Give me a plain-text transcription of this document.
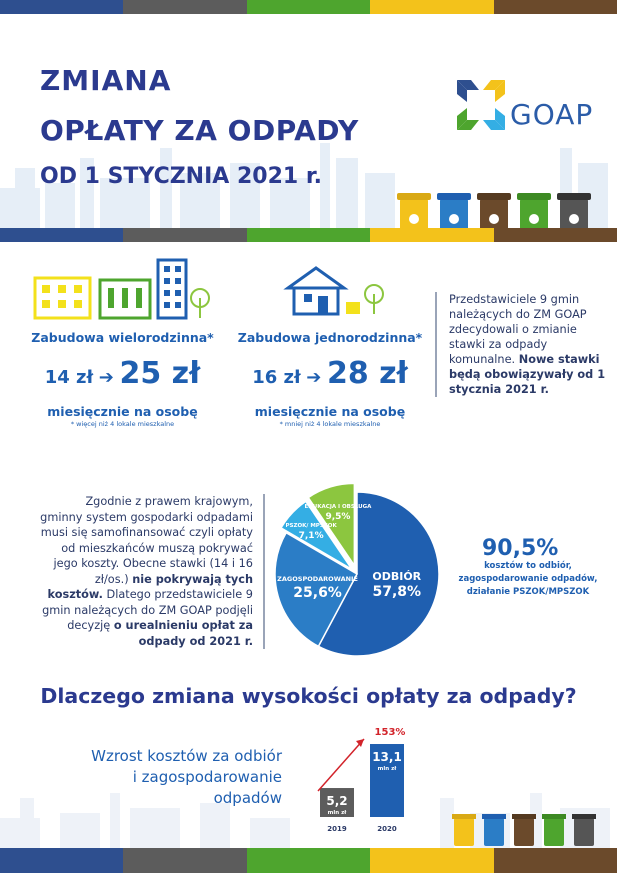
ZMIANA
OPŁATY ZA ODPADY
OD 1 STYCZNIA 2021 r.
GOAP
Zabudowa wielorodzinna*
14 zł ➔ 25 zł
miesięcznie na osobę
* więcej niż 4 lokale mieszkalne
Zabudowa jednorodzinna*
16 zł ➔ 28 zł
miesięcznie na osobę
* mniej niż 4 lokale mieszkalne
Przedstawiciele 9 gmin należących do ZM GOAP zdecydowali o zmianie stawki za odpady komunalne. Nowe stawki będą obowiązywały od 1 stycznia 2021 r.
Zgodnie z prawem krajowym, gminny system gospodarki odpadami musi się samofinansować czyli opłaty od mieszkańców muszą pokrywać jego koszty. Obecne stawki (14 i 16 zł/os.) nie pokrywają tych kosztów. Dlatego przedstawiciele 9 gmin należących do ZM GOAP podjęli decyzję o urealnieniu opłat za odpady od 2021 r.
ODBIÓR
57,8%
ZAGOSPODAROWANIE
25,6%
PSZOK/ MPSZOK
7,1%
EDUKACJA I OBSŁUGA
9,5%
90,5%
kosztów to odbiór, zagospodarowanie odpadów, działanie PSZOK/MPSZOK
Dlaczego zmiana wysokości opłaty za odpady?
Wzrost kosztów za odbiór
i zagospodarowanie odpadów	5,2
mln zł
2019
13,1
mln zł
2020
153%
